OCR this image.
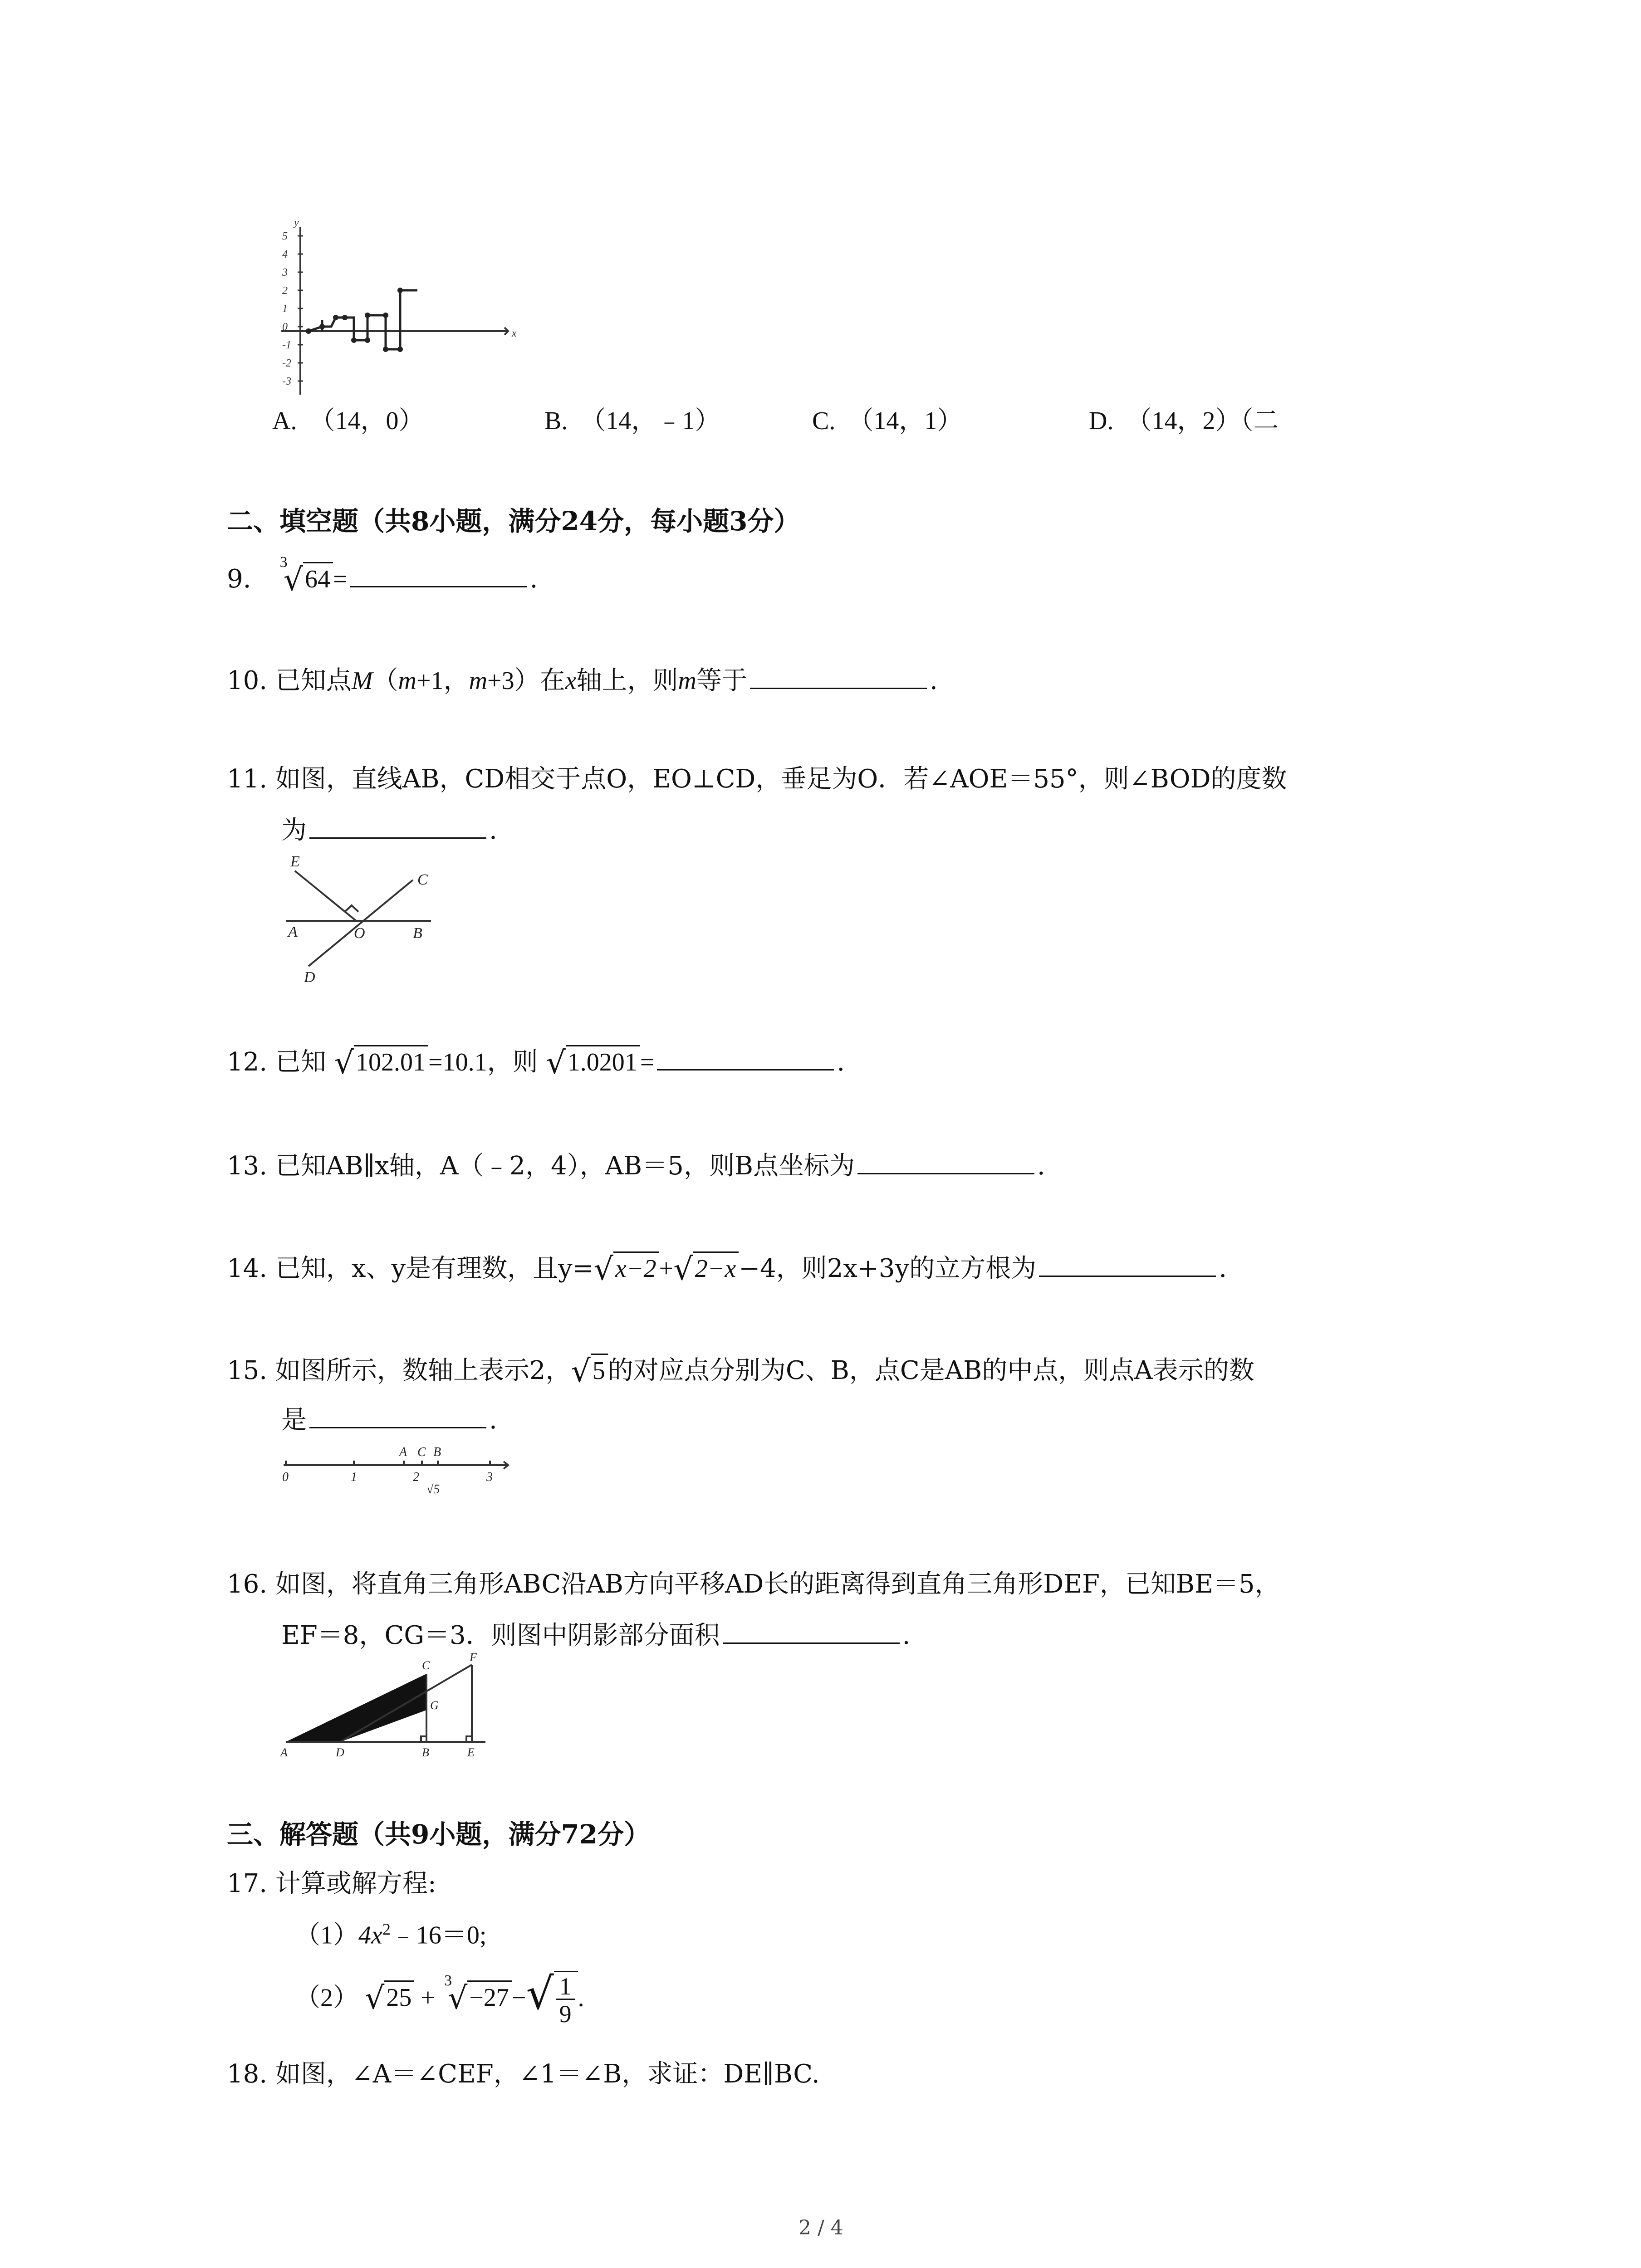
5
4
3
2
1
0
-1
-2
-3
y
x
A. （14，0）	B. （14，﹣1）	C. （14，1）	D. （14，2）（二
二、填空题（共8小题，满分24分，每小题3分）
9.
3
√64 =	.
10. 已知点M（m+1，m+3）在x轴上，则m等于	.
11. 如图，直线AB，CD相交于点O，EO⊥CD，垂足为O．若∠AOE＝55°，则∠BOD的度数
为	.
E
C
A	O	B
D
12. 已知 √102.01 =10.1，则 √1.0201 =	.
13. 已知AB∥x轴，A（﹣2，4），AB＝5，则B点坐标为	.
14. 已知，x、y是有理数，且y=√x−2 +√2−x −4，则2x+3y的立方根为	.
15. 如图所示，数轴上表示2，√5 的对应点分别为C、B，点C是AB的中点，则点A表示的数
是	.
0	1	2	3
√5
A C B
16. 如图，将直角三角形ABC沿AB方向平移AD长的距离得到直角三角形DEF，已知BE＝5，
EF＝8，CG＝3．则图中阴影部分面积	.
A	D	B	E
C
F
G
三、解答题（共9小题，满分72分）
17. 计算或解方程:
$(1)4x^2﹣16=0$;
（2） √25 +
3
√−27 −√ $\frac{1}{9}$ .
18. 如图，∠A＝∠CEF，∠1＝∠B，求证：DE∥BC.
2 / 4
